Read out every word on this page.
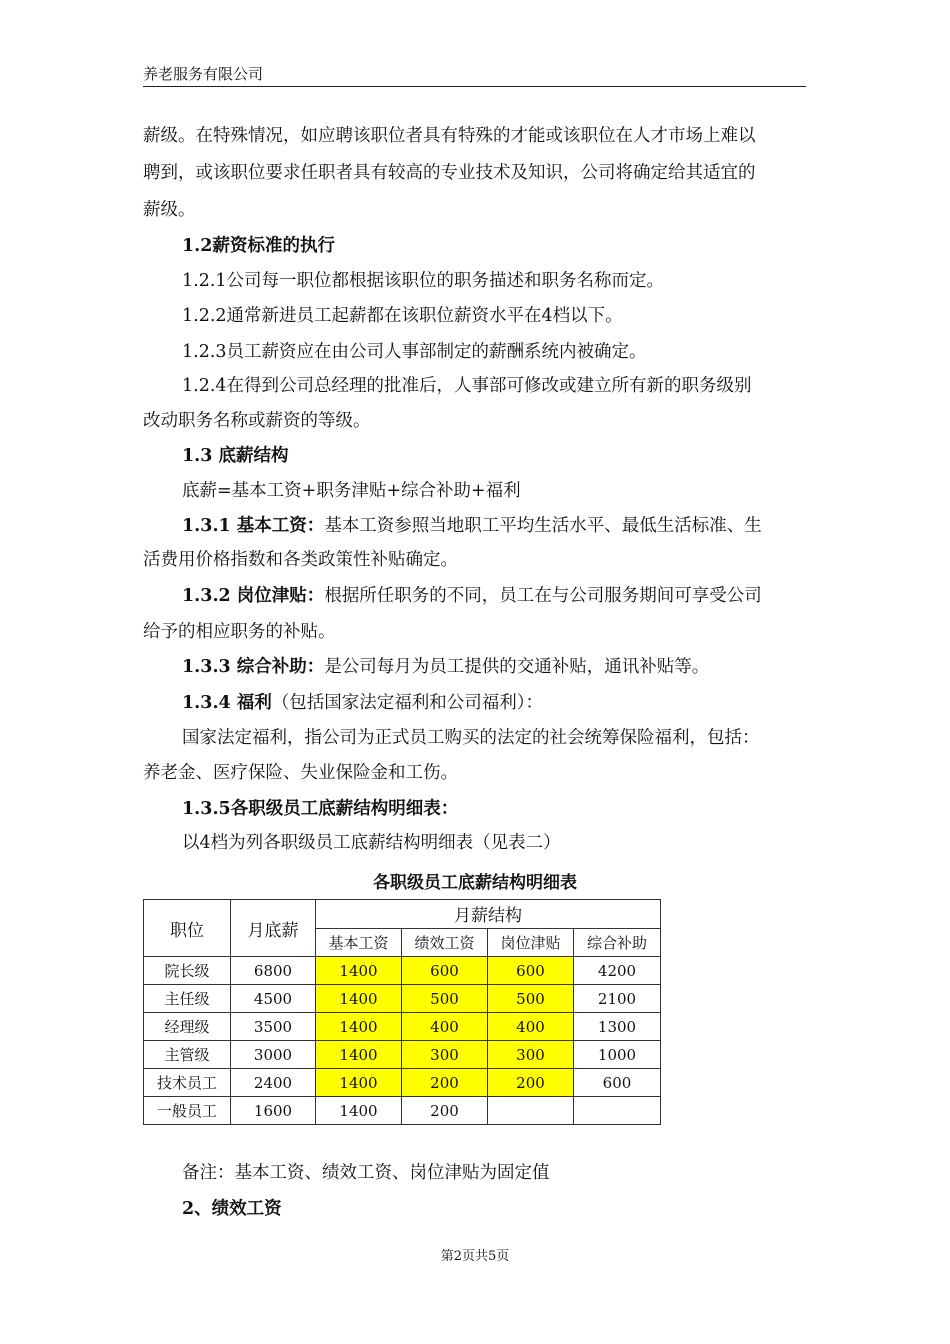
养老服务有限公司
薪级。在特殊情况，如应聘该职位者具有特殊的才能或该职位在人才市场上难以
聘到，或该职位要求任职者具有较高的专业技术及知识，公司将确定给其适宜的
薪级。
1.2薪资标准的执行
1.2.1公司每一职位都根据该职位的职务描述和职务名称而定。
1.2.2通常新进员工起薪都在该职位薪资水平在4档以下。
1.2.3员工薪资应在由公司人事部制定的薪酬系统内被确定。
1.2.4在得到公司总经理的批准后，人事部可修改或建立所有新的职务级别
改动职务名称或薪资的等级。
1.3 底薪结构
底薪=基本工资+职务津贴+综合补助+福利
1.3.1 基本工资：基本工资参照当地职工平均生活水平、最低生活标准、生
活费用价格指数和各类政策性补贴确定。
1.3.2 岗位津贴：根据所任职务的不同，员工在与公司服务期间可享受公司
给予的相应职务的补贴。
1.3.3 综合补助：是公司每月为员工提供的交通补贴，通讯补贴等。
1.3.4 福利（包括国家法定福利和公司福利）：
国家法定福利，指公司为正式员工购买的法定的社会统筹保险福利，包括：
养老金、医疗保险、失业保险金和工伤。
1.3.5各职级员工底薪结构明细表：
以4档为列各职级员工底薪结构明细表（见表二）
各职级员工底薪结构明细表
职位	月底薪	月薪结构			
		基本工资	绩效工资	岗位津贴	综合补助
院长级	6800	1400	600	600	4200
主任级	4500	1400	500	500	2100
经理级	3500	1400	400	400	1300
主管级	3000	1400	300	300	1000
技术员工	2400	1400	200	200	600
一般员工	1600	1400	200		
备注：基本工资、绩效工资、岗位津贴为固定值
2、绩效工资
第2页共5页
